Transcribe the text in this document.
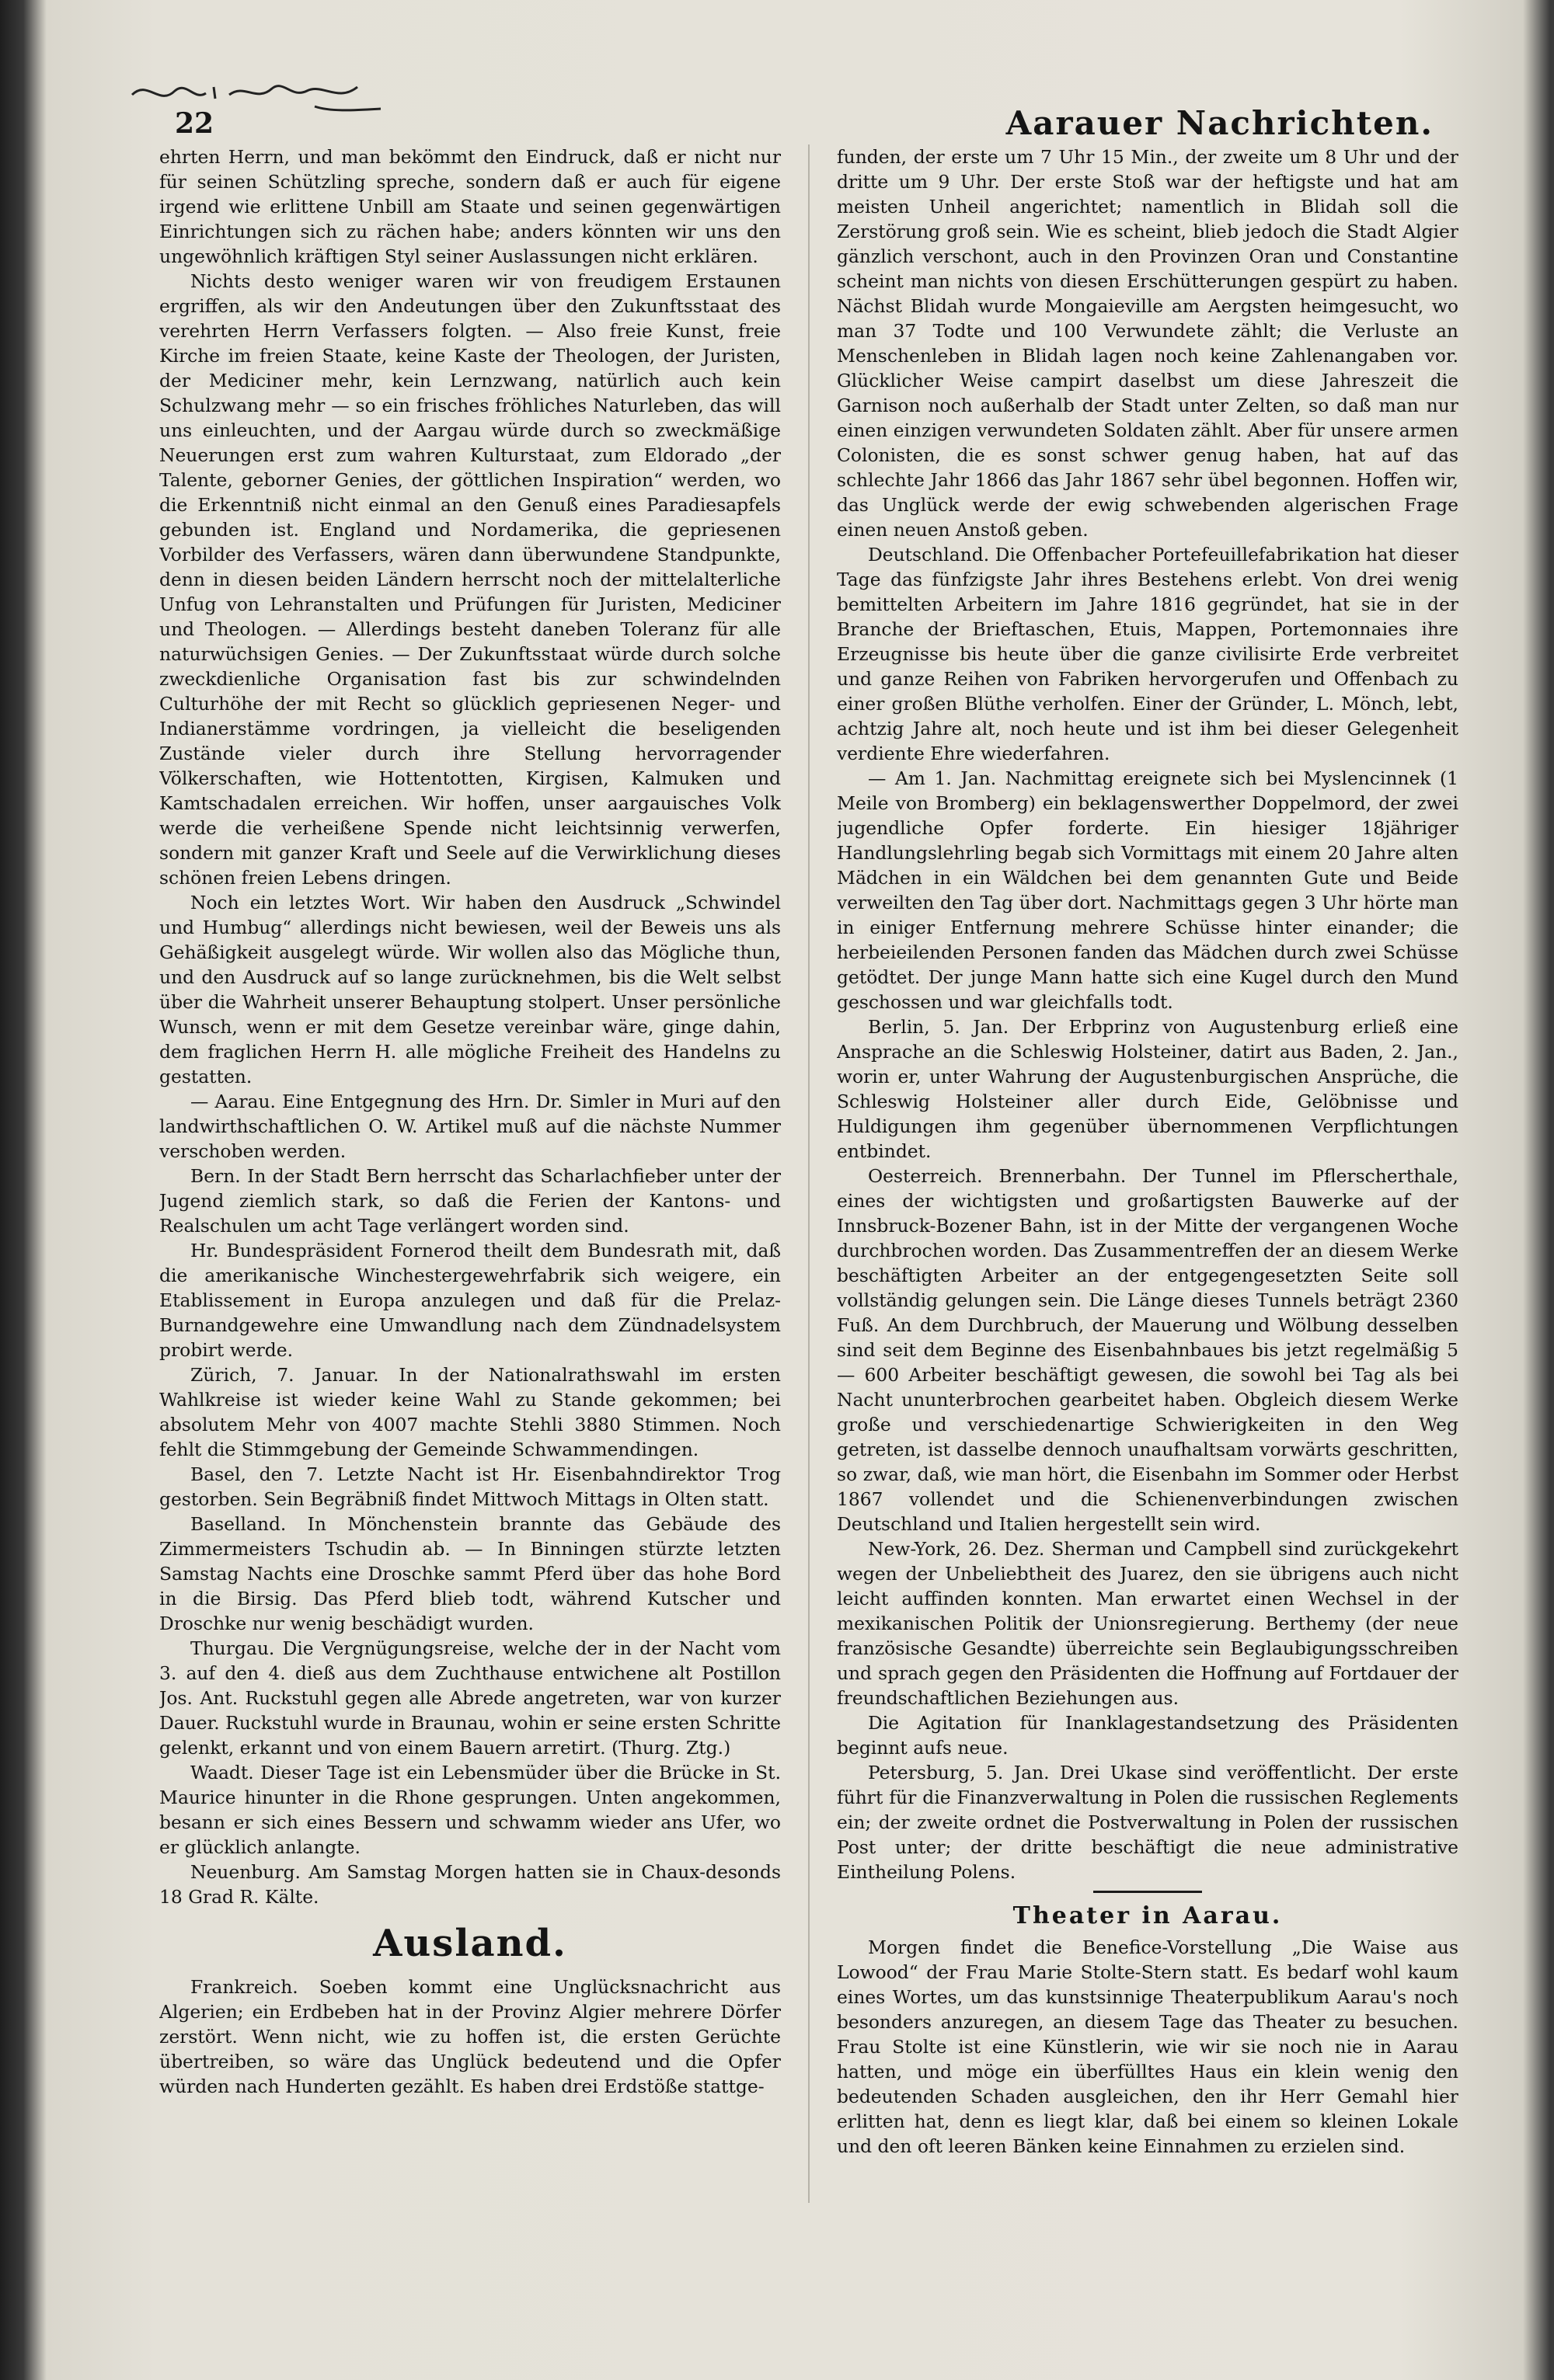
22	Aarauer Nachrichten.

ehrten Herrn, und man bekömmt den Eindruck, daß er nicht nur für seinen Schützling spreche, sondern daß er auch für eigene irgend wie erlittene Unbill am Staate und seinen gegenwärtigen Einrichtungen sich zu rächen habe; anders könnten wir uns den ungewöhnlich kräftigen Styl seiner Auslassungen nicht erklären.

Nichts desto weniger waren wir von freudigem Erstaunen ergriffen, als wir den Andeutungen über den Zukunftsstaat des verehrten Herrn Verfassers folgten. — Also freie Kunst, freie Kirche im freien Staate, keine Kaste der Theologen, der Juristen, der Mediciner mehr, kein Lernzwang, natürlich auch kein Schulzwang mehr — so ein frisches fröhliches Naturleben, das will uns einleuchten, und der Aargau würde durch so zweckmäßige Neuerungen erst zum wahren Kulturstaat, zum Eldorado „der Talente, geborner Genies, der göttlichen Inspiration“ werden, wo die Erkenntniß nicht einmal an den Genuß eines Paradiesapfels gebunden ist. England und Nordamerika, die gepriesenen Vorbilder des Verfassers, wären dann überwundene Standpunkte, denn in diesen beiden Ländern herrscht noch der mittelalterliche Unfug von Lehranstalten und Prüfungen für Juristen, Mediciner und Theologen. — Allerdings besteht daneben Toleranz für alle naturwüchsigen Genies. — Der Zukunftsstaat würde durch solche zweckdienliche Organisation fast bis zur schwindelnden Culturhöhe der mit Recht so glücklich gepriesenen Neger- und Indianerstämme vordringen, ja vielleicht die beseligenden Zustände vieler durch ihre Stellung hervorragender Völkerschaften, wie Hottentotten, Kirgisen, Kalmuken und Kamtschadalen erreichen. Wir hoffen, unser aargauisches Volk werde die verheißene Spende nicht leichtsinnig verwerfen, sondern mit ganzer Kraft und Seele auf die Verwirklichung dieses schönen freien Lebens dringen.

Noch ein letztes Wort. Wir haben den Ausdruck „Schwindel und Humbug“ allerdings nicht bewiesen, weil der Beweis uns als Gehäßigkeit ausgelegt würde. Wir wollen also das Mögliche thun, und den Ausdruck auf so lange zurücknehmen, bis die Welt selbst über die Wahrheit unserer Behauptung stolpert. Unser persönliche Wunsch, wenn er mit dem Gesetze vereinbar wäre, ginge dahin, dem fraglichen Herrn H. alle mögliche Freiheit des Handelns zu gestatten.

— Aarau. Eine Entgegnung des Hrn. Dr. Simler in Muri auf den landwirthschaftlichen O. W. Artikel muß auf die nächste Nummer verschoben werden.

Bern. In der Stadt Bern herrscht das Scharlachfieber unter der Jugend ziemlich stark, so daß die Ferien der Kantons- und Realschulen um acht Tage verlängert worden sind.

Hr. Bundespräsident Fornerod theilt dem Bundesrath mit, daß die amerikanische Winchestergewehrfabrik sich weigere, ein Etablissement in Europa anzulegen und daß für die Prelaz-Burnandgewehre eine Umwandlung nach dem Zündnadelsystem probirt werde.

Zürich, 7. Januar. In der Nationalrathswahl im ersten Wahlkreise ist wieder keine Wahl zu Stande gekommen; bei absolutem Mehr von 4007 machte Stehli 3880 Stimmen. Noch fehlt die Stimmgebung der Gemeinde Schwammendingen.

Basel, den 7. Letzte Nacht ist Hr. Eisenbahndirektor Trog gestorben. Sein Begräbniß findet Mittwoch Mittags in Olten statt.

Baselland. In Mönchenstein brannte das Gebäude des Zimmermeisters Tschudin ab. — In Binningen stürzte letzten Samstag Nachts eine Droschke sammt Pferd über das hohe Bord in die Birsig. Das Pferd blieb todt, während Kutscher und Droschke nur wenig beschädigt wurden.

Thurgau. Die Vergnügungsreise, welche der in der Nacht vom 3. auf den 4. dieß aus dem Zuchthause entwichene alt Postillon Jos. Ant. Ruckstuhl gegen alle Abrede angetreten, war von kurzer Dauer. Ruckstuhl wurde in Braunau, wohin er seine ersten Schritte gelenkt, erkannt und von einem Bauern arretirt. (Thurg. Ztg.)

Waadt. Dieser Tage ist ein Lebensmüder über die Brücke in St. Maurice hinunter in die Rhone gesprungen. Unten angekommen, besann er sich eines Bessern und schwamm wieder ans Ufer, wo er glücklich anlangte.

Neuenburg. Am Samstag Morgen hatten sie in Chaux-desonds 18 Grad R. Kälte.

Ausland.

Frankreich. Soeben kommt eine Unglücksnachricht aus Algerien; ein Erdbeben hat in der Provinz Algier mehrere Dörfer zerstört. Wenn nicht, wie zu hoffen ist, die ersten Gerüchte übertreiben, so wäre das Unglück bedeutend und die Opfer würden nach Hunderten gezählt. Es haben drei Erdstöße stattge-

funden, der erste um 7 Uhr 15 Min., der zweite um 8 Uhr und der dritte um 9 Uhr. Der erste Stoß war der heftigste und hat am meisten Unheil angerichtet; namentlich in Blidah soll die Zerstörung groß sein. Wie es scheint, blieb jedoch die Stadt Algier gänzlich verschont, auch in den Provinzen Oran und Constantine scheint man nichts von diesen Erschütterungen gespürt zu haben. Nächst Blidah wurde Mongaieville am Aergsten heimgesucht, wo man 37 Todte und 100 Verwundete zählt; die Verluste an Menschenleben in Blidah lagen noch keine Zahlenangaben vor. Glücklicher Weise campirt daselbst um diese Jahreszeit die Garnison noch außerhalb der Stadt unter Zelten, so daß man nur einen einzigen verwundeten Soldaten zählt. Aber für unsere armen Colonisten, die es sonst schwer genug haben, hat auf das schlechte Jahr 1866 das Jahr 1867 sehr übel begonnen. Hoffen wir, das Unglück werde der ewig schwebenden algerischen Frage einen neuen Anstoß geben.

Deutschland. Die Offenbacher Portefeuillefabrikation hat dieser Tage das fünfzigste Jahr ihres Bestehens erlebt. Von drei wenig bemittelten Arbeitern im Jahre 1816 gegründet, hat sie in der Branche der Brieftaschen, Etuis, Mappen, Portemonnaies ihre Erzeugnisse bis heute über die ganze civilisirte Erde verbreitet und ganze Reihen von Fabriken hervorgerufen und Offenbach zu einer großen Blüthe verholfen. Einer der Gründer, L. Mönch, lebt, achtzig Jahre alt, noch heute und ist ihm bei dieser Gelegenheit verdiente Ehre wiederfahren.

— Am 1. Jan. Nachmittag ereignete sich bei Myslencinnek (1 Meile von Bromberg) ein beklagenswerther Doppelmord, der zwei jugendliche Opfer forderte. Ein hiesiger 18jähriger Handlungslehrling begab sich Vormittags mit einem 20 Jahre alten Mädchen in ein Wäldchen bei dem genannten Gute und Beide verweilten den Tag über dort. Nachmittags gegen 3 Uhr hörte man in einiger Entfernung mehrere Schüsse hinter einander; die herbeieilenden Personen fanden das Mädchen durch zwei Schüsse getödtet. Der junge Mann hatte sich eine Kugel durch den Mund geschossen und war gleichfalls todt.

Berlin, 5. Jan. Der Erbprinz von Augustenburg erließ eine Ansprache an die Schleswig Holsteiner, datirt aus Baden, 2. Jan., worin er, unter Wahrung der Augustenburgischen Ansprüche, die Schleswig Holsteiner aller durch Eide, Gelöbnisse und Huldigungen ihm gegenüber übernommenen Verpflichtungen entbindet.

Oesterreich. Brennerbahn. Der Tunnel im Pflerscherthale, eines der wichtigsten und großartigsten Bauwerke auf der Innsbruck-Bozener Bahn, ist in der Mitte der vergangenen Woche durchbrochen worden. Das Zusammentreffen der an diesem Werke beschäftigten Arbeiter an der entgegengesetzten Seite soll vollständig gelungen sein. Die Länge dieses Tunnels beträgt 2360 Fuß. An dem Durchbruch, der Mauerung und Wölbung desselben sind seit dem Beginne des Eisenbahnbaues bis jetzt regelmäßig 5 — 600 Arbeiter beschäftigt gewesen, die sowohl bei Tag als bei Nacht ununterbrochen gearbeitet haben. Obgleich diesem Werke große und verschiedenartige Schwierigkeiten in den Weg getreten, ist dasselbe dennoch unaufhaltsam vorwärts geschritten, so zwar, daß, wie man hört, die Eisenbahn im Sommer oder Herbst 1867 vollendet und die Schienenverbindungen zwischen Deutschland und Italien hergestellt sein wird.

New-York, 26. Dez. Sherman und Campbell sind zurückgekehrt wegen der Unbeliebtheit des Juarez, den sie übrigens auch nicht leicht auffinden konnten. Man erwartet einen Wechsel in der mexikanischen Politik der Unionsregierung. Berthemy (der neue französische Gesandte) überreichte sein Beglaubigungsschreiben und sprach gegen den Präsidenten die Hoffnung auf Fortdauer der freundschaftlichen Beziehungen aus.

Die Agitation für Inanklagestandsetzung des Präsidenten beginnt aufs neue.

Petersburg, 5. Jan. Drei Ukase sind veröffentlicht. Der erste führt für die Finanzverwaltung in Polen die russischen Reglements ein; der zweite ordnet die Postverwaltung in Polen der russischen Post unter; der dritte beschäftigt die neue administrative Eintheilung Polens.

Theater in Aarau.

Morgen findet die Benefice-Vorstellung „Die Waise aus Lowood“ der Frau Marie Stolte-Stern statt. Es bedarf wohl kaum eines Wortes, um das kunstsinnige Theaterpublikum Aarau's noch besonders anzuregen, an diesem Tage das Theater zu besuchen. Frau Stolte ist eine Künstlerin, wie wir sie noch nie in Aarau hatten, und möge ein überfülltes Haus ein klein wenig den bedeutenden Schaden ausgleichen, den ihr Herr Gemahl hier erlitten hat, denn es liegt klar, daß bei einem so kleinen Lokale und den oft leeren Bänken keine Einnahmen zu erzielen sind.
